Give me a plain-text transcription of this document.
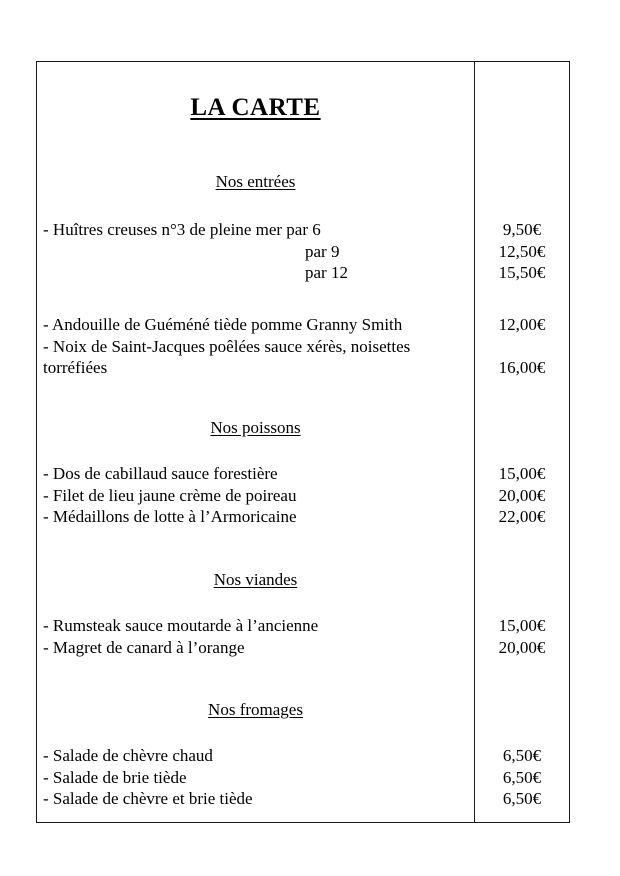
LA CARTE
Nos entrées
- Huîtres creuses n°3 de pleine mer par 6
par 9
par 12
- Andouille de Guéméné tiède pomme Granny Smith
- Noix de Saint-Jacques poêlées sauce xérès, noisettes torréfiées
Nos poissons
- Dos de cabillaud sauce forestière
- Filet de lieu jaune crème de poireau
- Médaillons de lotte à l’Armoricaine
Nos viandes
- Rumsteak sauce moutarde à l’ancienne
- Magret de canard à l’orange
Nos fromages
- Salade de chèvre chaud
- Salade de brie tiède
- Salade de chèvre et brie tiède
9,50€
12,50€
15,50€
12,00€

16,00€
15,00€
20,00€
22,00€
15,00€
20,00€
6,50€
6,50€
6,50€
